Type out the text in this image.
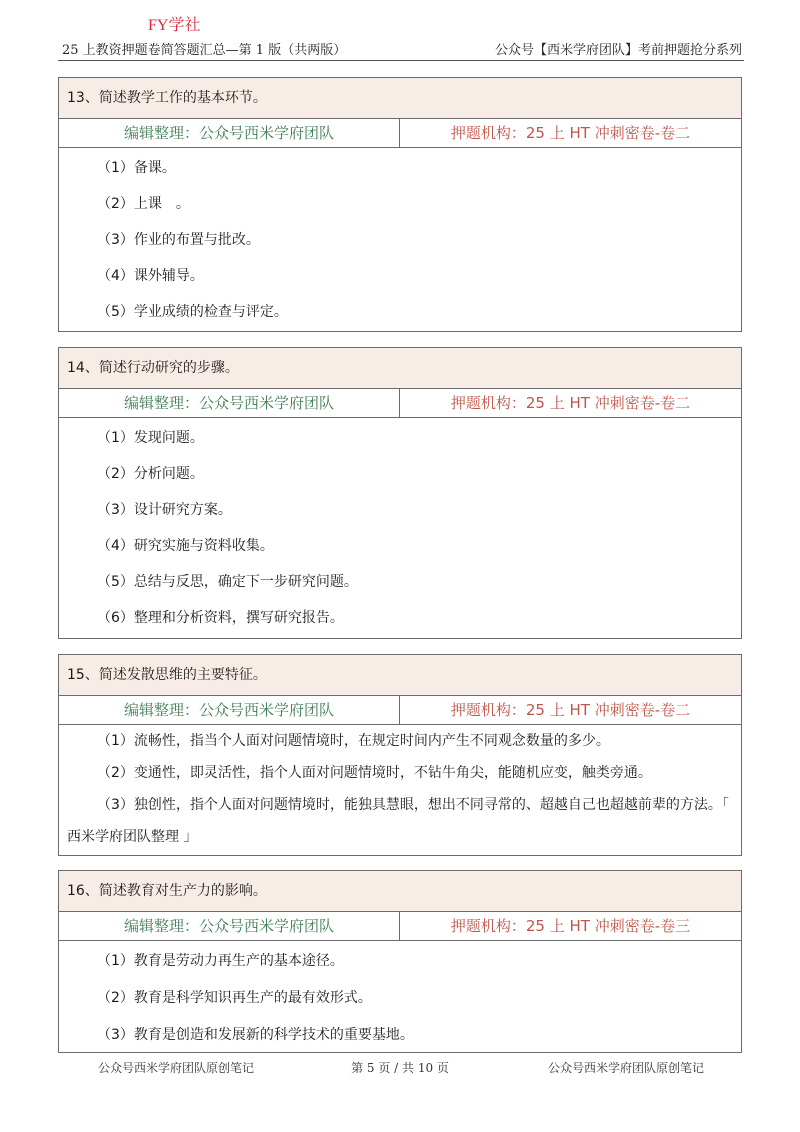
FY学社
25 上教资押题卷简答题汇总—第 1 版（共两版）	公众号【西米学府团队】考前押题抢分系列
13、简述教学工作的基本环节。
编辑整理：公众号西米学府团队	押题机构：25 上 HT 冲刺密卷-卷二
（1）备课。
（2）上课　。
（3）作业的布置与批改。
（4）课外辅导。
（5）学业成绩的检查与评定。
14、简述行动研究的步骤。
编辑整理：公众号西米学府团队	押题机构：25 上 HT 冲刺密卷-卷二
（1）发现问题。
（2）分析问题。
（3）设计研究方案。
（4）研究实施与资料收集。
（5）总结与反思，确定下一步研究问题。
（6）整理和分析资料，撰写研究报告。
15、简述发散思维的主要特征。
编辑整理：公众号西米学府团队	押题机构：25 上 HT 冲刺密卷-卷二
（1）流畅性，指当个人面对问题情境时，在规定时间内产生不同观念数量的多少。
（2）变通性，即灵活性，指个人面对问题情境时，不钻牛角尖，能随机应变，触类旁通。
（3）独创性，指个人面对问题情境时，能独具慧眼，想出不同寻常的、超越自己也超越前辈的方法。「 西米学府团队整理 」
16、简述教育对生产力的影响。
编辑整理：公众号西米学府团队	押题机构：25 上 HT 冲刺密卷-卷三
（1）教育是劳动力再生产的基本途径。
（2）教育是科学知识再生产的最有效形式。
（3）教育是创造和发展新的科学技术的重要基地。
公众号西米学府团队原创笔记	第 5 页 / 共 10 页	公众号西米学府团队原创笔记
